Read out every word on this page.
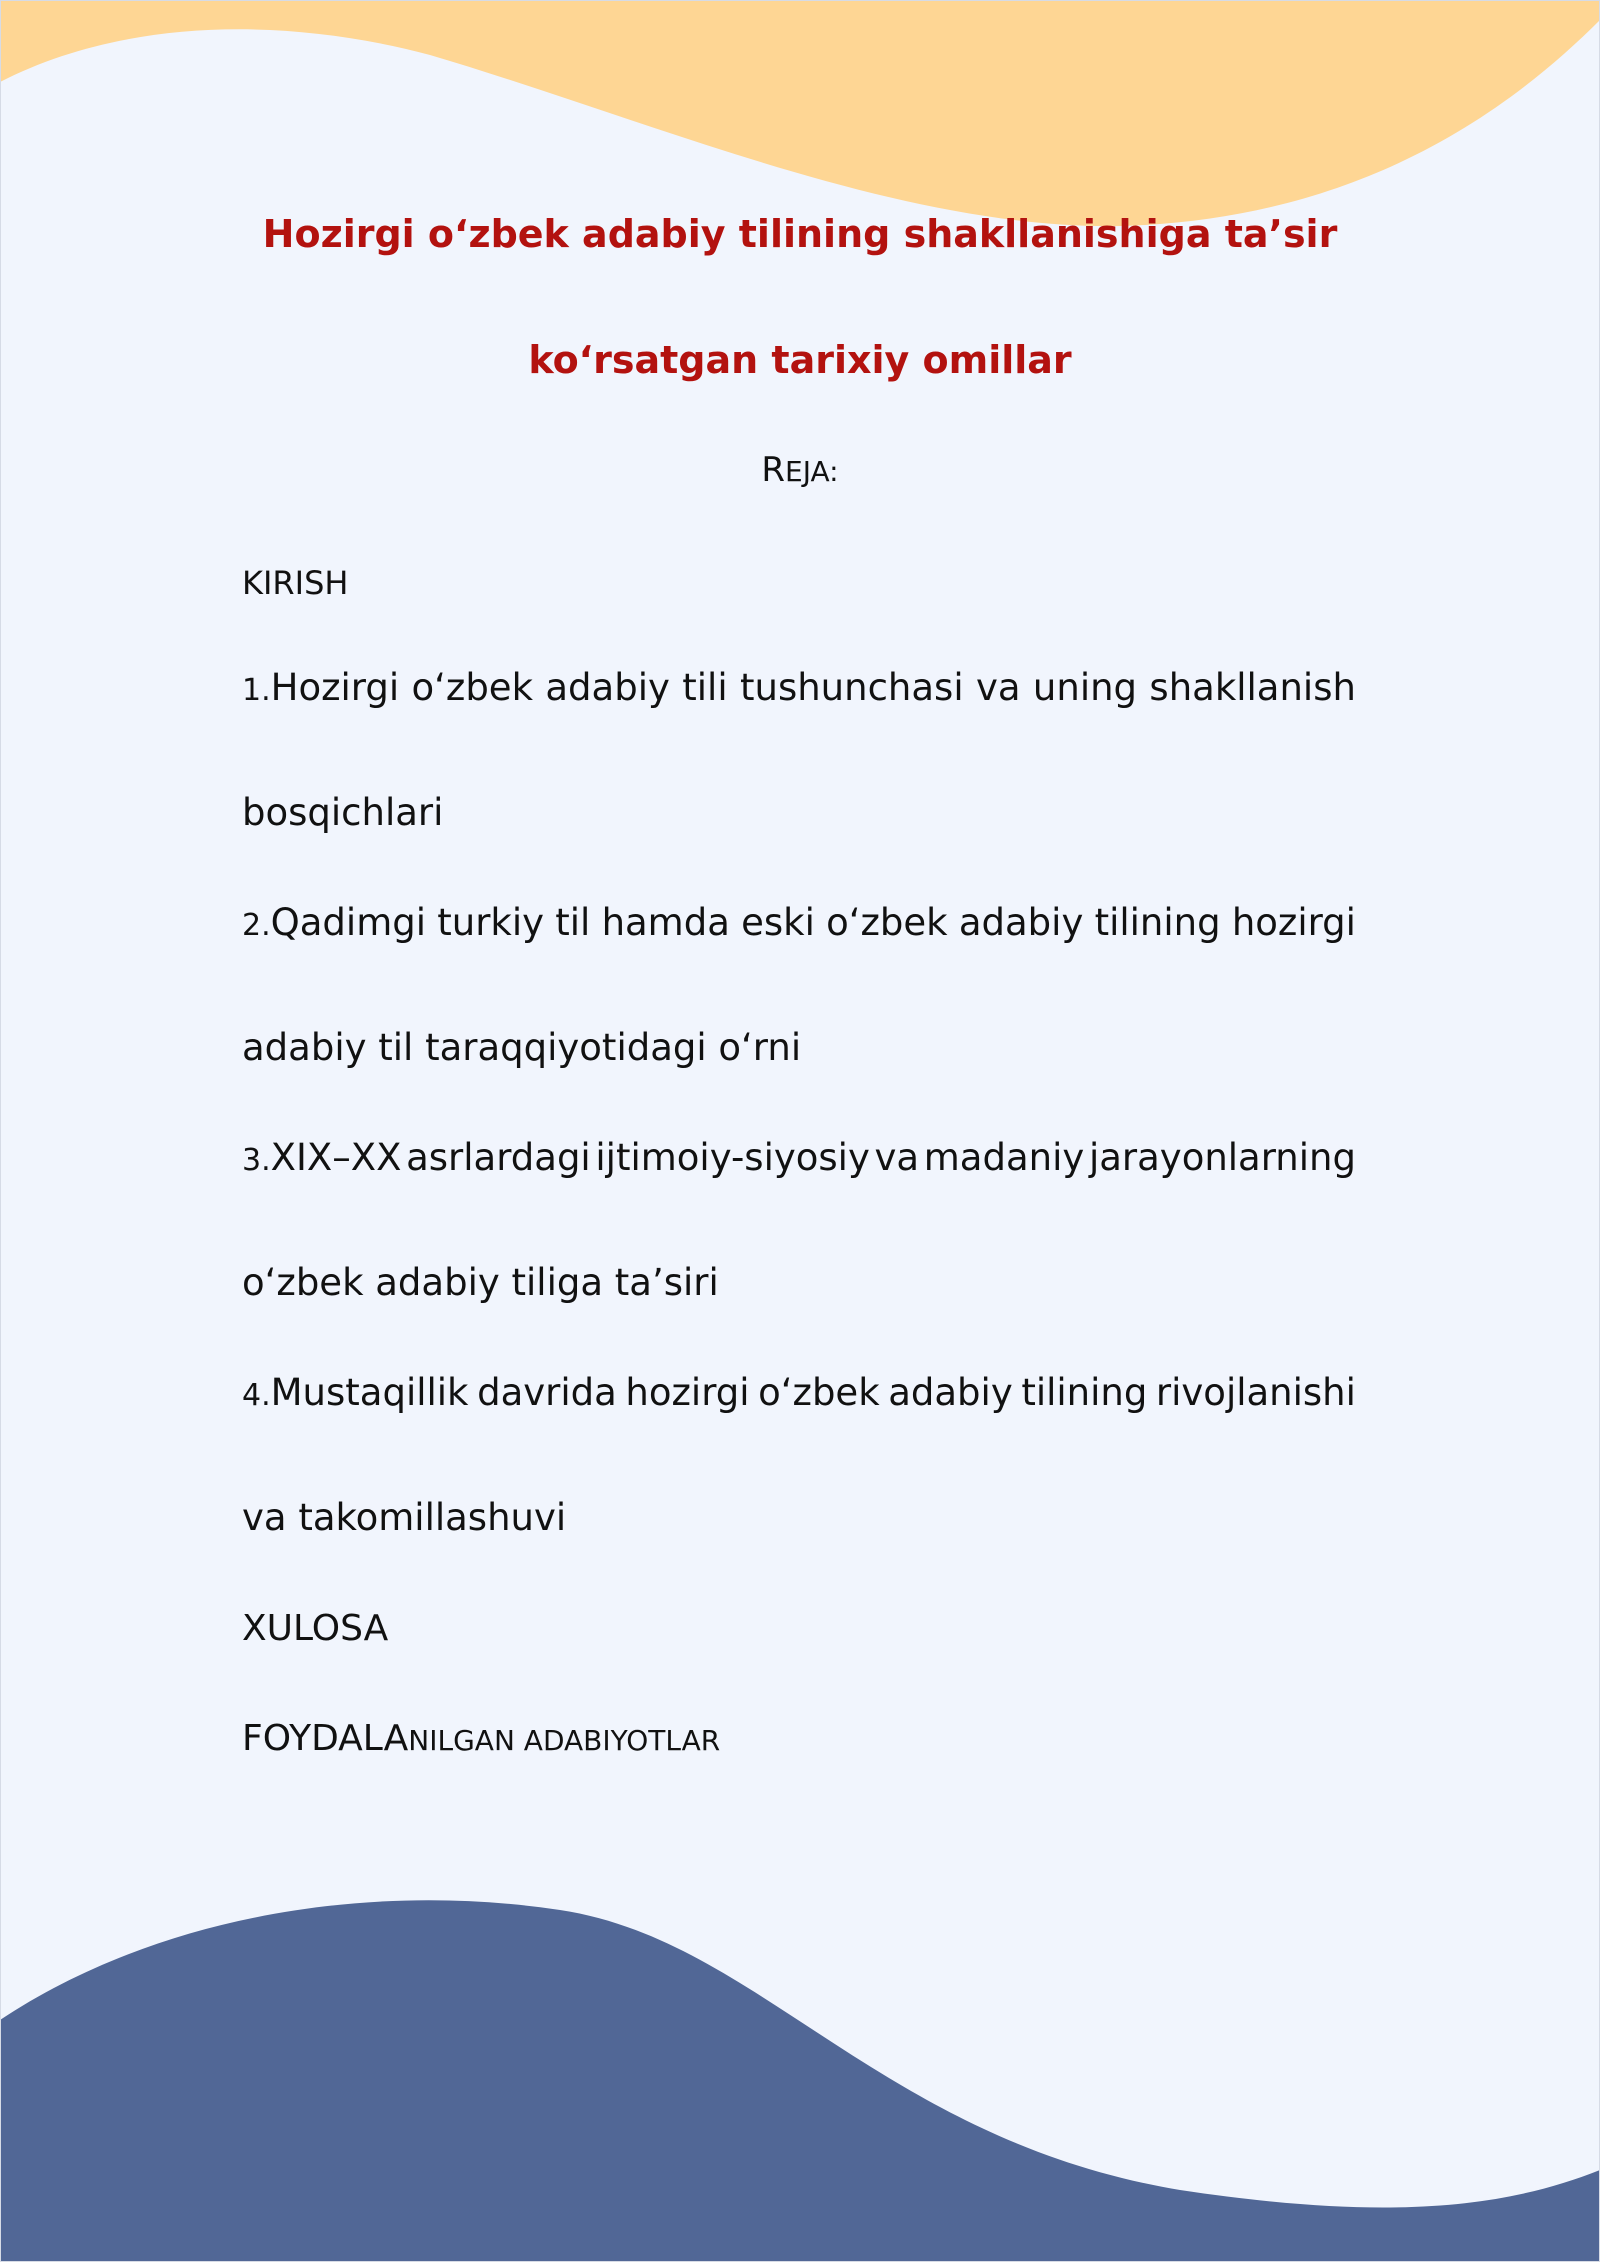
Hozirgi o‘zbek adabiy tilining shakllanishiga ta’sir
ko‘rsatgan tarixiy omillar
REJA:
KIRISH
1.Hozirgi o‘zbek adabiy tili tushunchasi va uning shakllanish
bosqichlari
2.Qadimgi turkiy til hamda eski o‘zbek adabiy tilining hozirgi
adabiy til taraqqiyotidagi o‘rni
3.XIX–XX asrlardagi ijtimoiy-siyosiy va madaniy jarayonlarning
o‘zbek adabiy tiliga ta’siri
4.Mustaqillik davrida hozirgi o‘zbek adabiy tilining rivojlanishi
va takomillashuvi
XULOSA
FOYDALANILGAN ADABIYOTLAR
